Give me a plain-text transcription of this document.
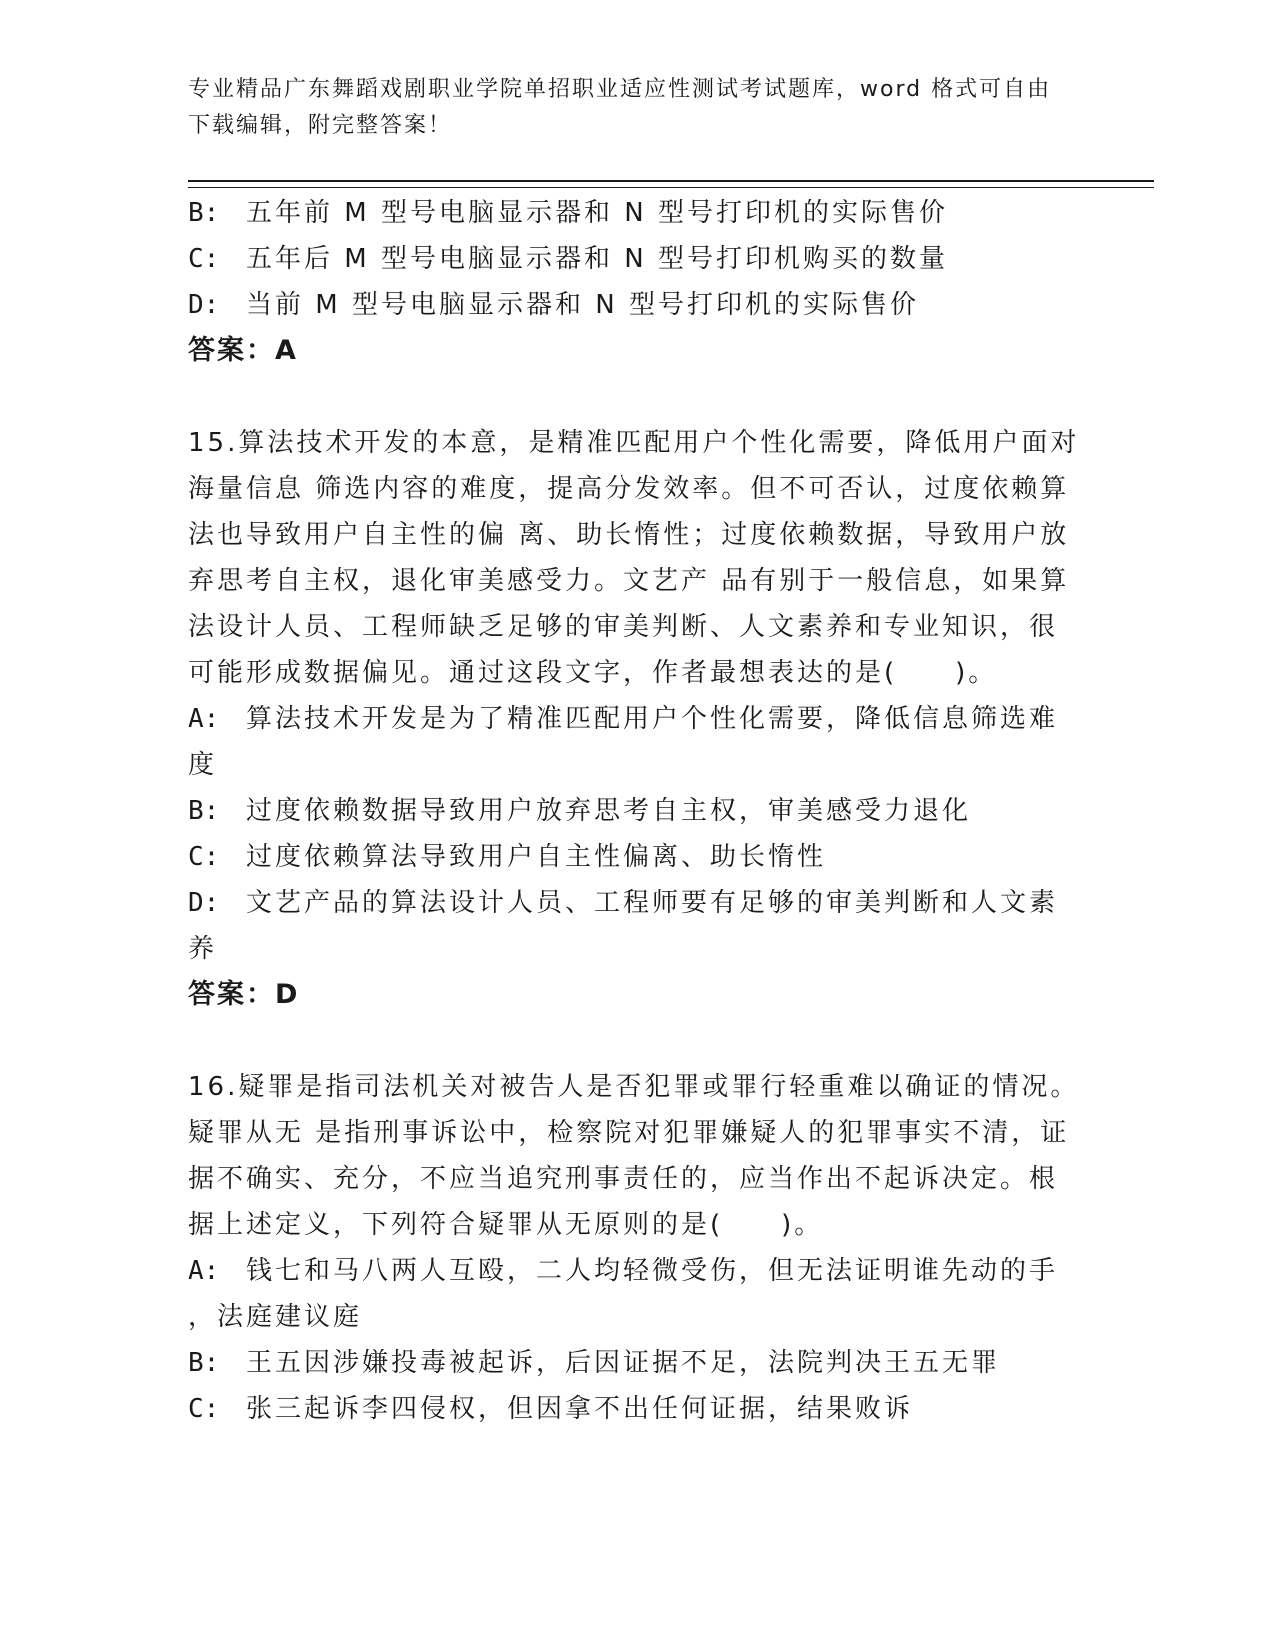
专业精品广东舞蹈戏剧职业学院单招职业适应性测试考试题库，word 格式可自由
下载编辑，附完整答案！
B:	五年前 M 型号电脑显示器和 N 型号打印机的实际售价
C:	五年后 M 型号电脑显示器和 N 型号打印机购买的数量
D:	当前 M 型号电脑显示器和 N 型号打印机的实际售价
答案：A
15.算法技术开发的本意，是精准匹配用户个性化需要，降低用户面对
海量信息 筛选内容的难度，提高分发效率。但不可否认，过度依赖算
法也导致用户自主性的偏 离、助长惰性；过度依赖数据，导致用户放
弃思考自主权，退化审美感受力。文艺产 品有别于一般信息，如果算
法设计人员、工程师缺乏足够的审美判断、人文素养和专业知识，很
可能形成数据偏见。通过这段文字，作者最想表达的是(　　)。
A:	算法技术开发是为了精准匹配用户个性化需要，降低信息筛选难
度
B:	过度依赖数据导致用户放弃思考自主权，审美感受力退化
C:	过度依赖算法导致用户自主性偏离、助长惰性
D:	文艺产品的算法设计人员、工程师要有足够的审美判断和人文素
养
答案：D
16.疑罪是指司法机关对被告人是否犯罪或罪行轻重难以确证的情况。
疑罪从无 是指刑事诉讼中，检察院对犯罪嫌疑人的犯罪事实不清，证
据不确实、充分，不应当追究刑事责任的，应当作出不起诉决定。根
据上述定义，下列符合疑罪从无原则的是(　　)。
A:	钱七和马八两人互殴，二人均轻微受伤，但无法证明谁先动的手
，法庭建议庭
B:	王五因涉嫌投毒被起诉，后因证据不足，法院判决王五无罪
C:	张三起诉李四侵权，但因拿不出任何证据，结果败诉
